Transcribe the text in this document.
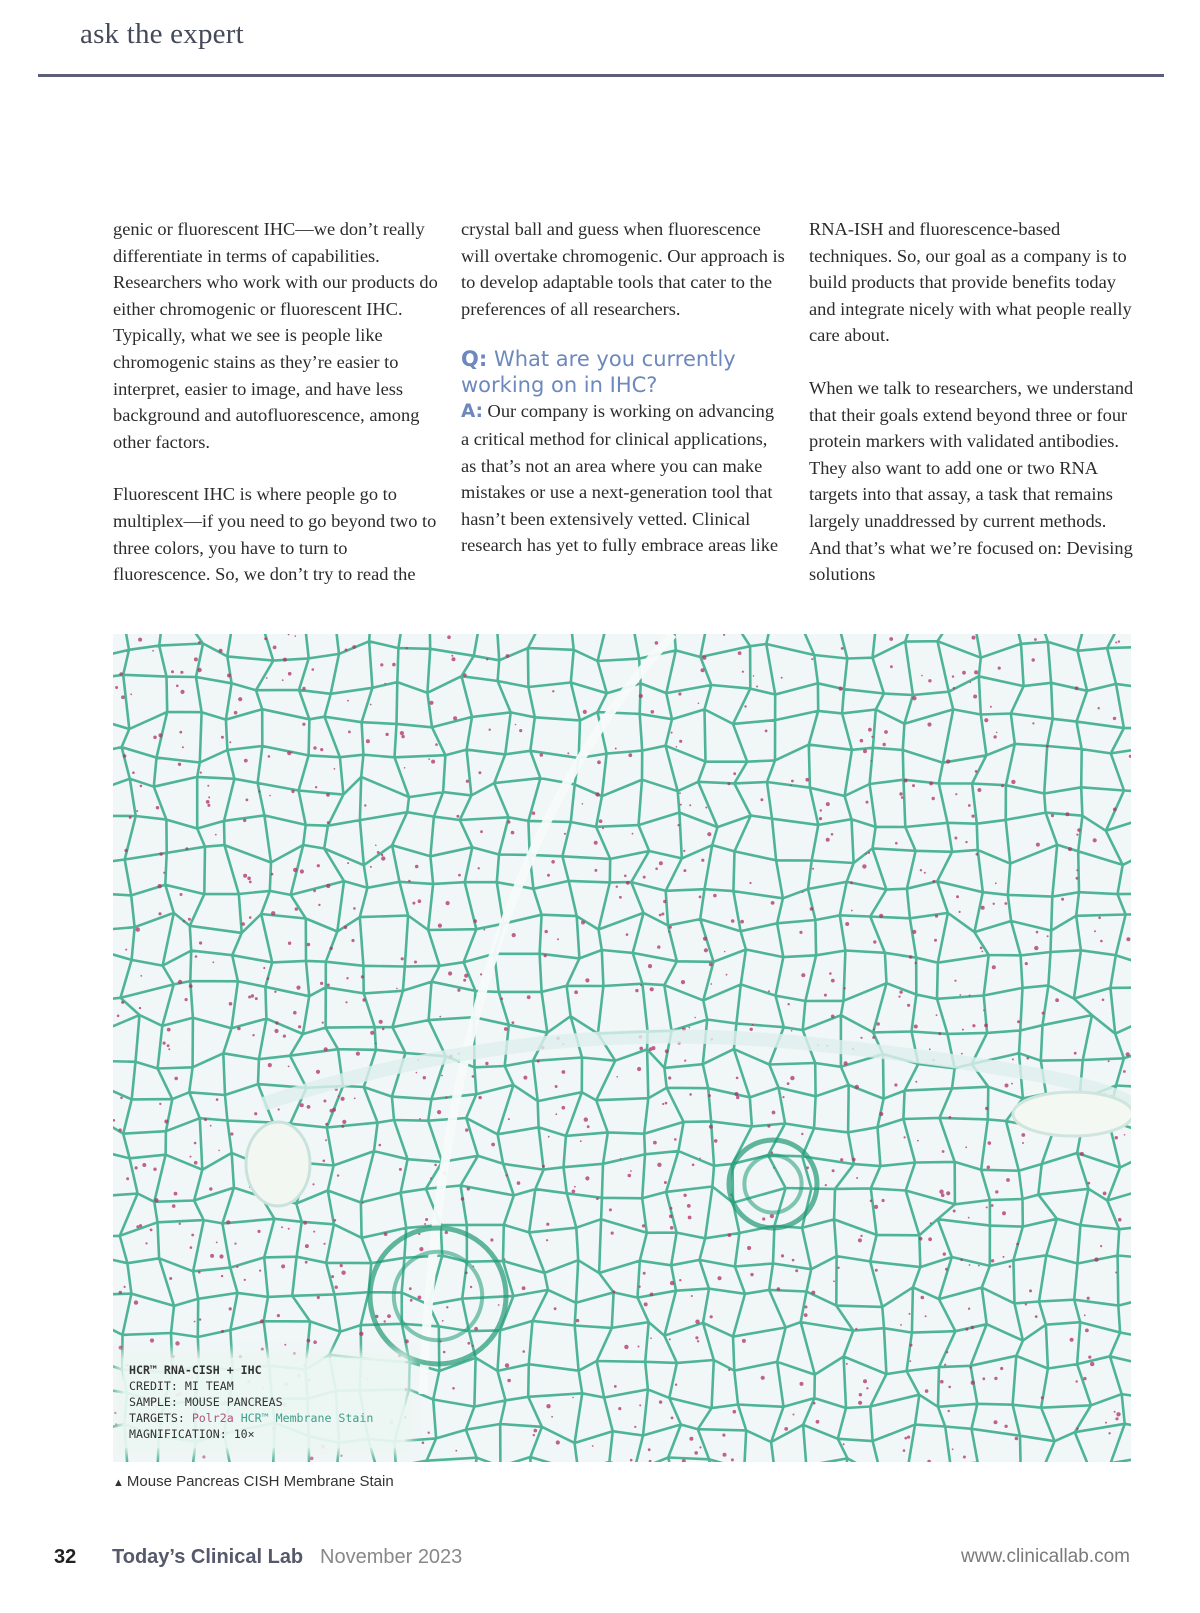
ask the expert

genic or fluorescent IHC—we don’t really differentiate in terms of capabilities. Researchers who work with our products do either chromogenic or fluorescent IHC. Typically, what we see is people like chromogenic stains as they’re easier to interpret, easier to image, and have less background and autofluorescence, among other factors.

Fluorescent IHC is where people go to multiplex—if you need to go beyond two to three colors, you have to turn to fluorescence. So, we don’t try to read the

crystal ball and guess when fluorescence will overtake chromogenic. Our approach is to develop adaptable tools that cater to the preferences of all researchers.

Q: What are you currently working on in IHC?

A: Our company is working on advancing a critical method for clinical applications, as that’s not an area where you can make mistakes or use a next-generation tool that hasn’t been extensively vetted. Clinical research has yet to fully embrace areas like

RNA-ISH and fluorescence-based techniques. So, our goal as a company is to build products that provide benefits today and integrate nicely with what people really care about.

When we talk to researchers, we understand that their goals extend beyond three or four protein markers with validated antibodies. They also want to add one or two RNA targets into that assay, a task that remains largely unaddressed by current methods. And that’s what we’re focused on: Devising solutions

HCR™ RNA-CISH + IHC
CREDIT: MI TEAM
SAMPLE: MOUSE PANCREAS
TARGETS: Polr2a HCR™ Membrane Stain
MAGNIFICATION: 10×
▲ Mouse Pancreas CISH Membrane Stain
32 Today’s Clinical Lab November 2023	www.clinicallab.com
